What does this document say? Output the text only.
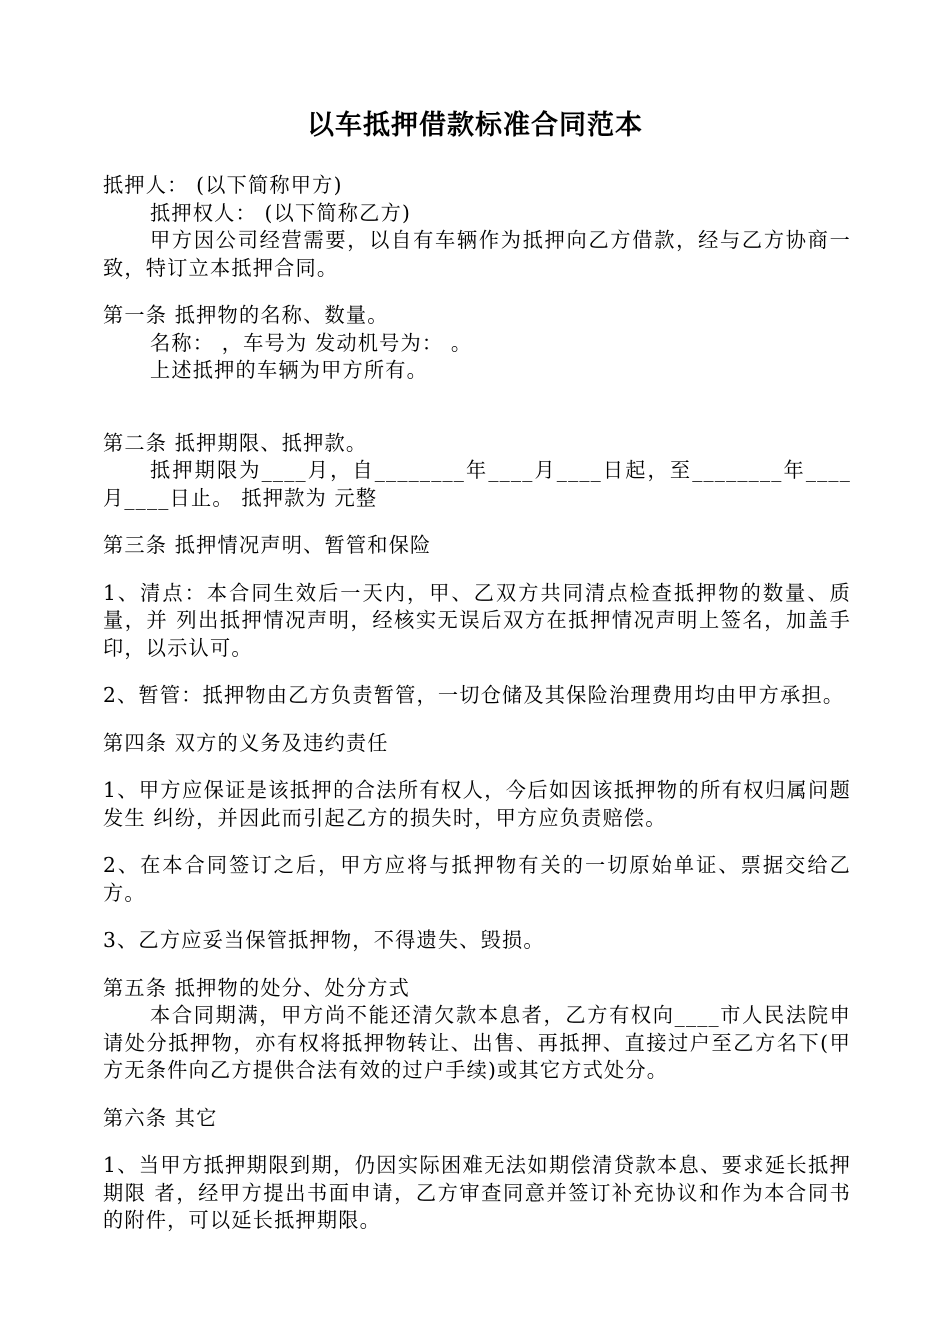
以车抵押借款标准合同范本

抵押人： (以下简称甲方)

抵押权人： (以下简称乙方)

甲方因公司经营需要，以自有车辆作为抵押向乙方借款，经与乙方协商一致，特订立本抵押合同。

第一条 抵押物的名称、数量。

名称： ，车号为 发动机号为： 。

上述抵押的车辆为甲方所有。

第二条 抵押期限、抵押款。

抵押期限为____月，自________年____月____日起，至________年____月____日止。 抵押款为 元整

第三条 抵押情况声明、暂管和保险

1、清点：本合同生效后一天内，甲、乙双方共同清点检查抵押物的数量、质量，并 列出抵押情况声明，经核实无误后双方在抵押情况声明上签名，加盖手印，以示认可。

2、暂管：抵押物由乙方负责暂管，一切仓储及其保险治理费用均由甲方承担。

第四条 双方的义务及违约责任

1、甲方应保证是该抵押的合法所有权人，今后如因该抵押物的所有权归属问题发生 纠纷，并因此而引起乙方的损失时，甲方应负责赔偿。

2、在本合同签订之后，甲方应将与抵押物有关的一切原始单证、票据交给乙方。

3、乙方应妥当保管抵押物，不得遗失、毁损。

第五条 抵押物的处分、处分方式

本合同期满，甲方尚不能还清欠款本息者，乙方有权向____市人民法院申请处分抵押物，亦有权将抵押物转让、出售、再抵押、直接过户至乙方名下(甲方无条件向乙方提供合法有效的过户手续)或其它方式处分。

第六条 其它

1、当甲方抵押期限到期，仍因实际困难无法如期偿清贷款本息、要求延长抵押期限 者，经甲方提出书面申请，乙方审查同意并签订补充协议和作为本合同书的附件，可以延长抵押期限。
